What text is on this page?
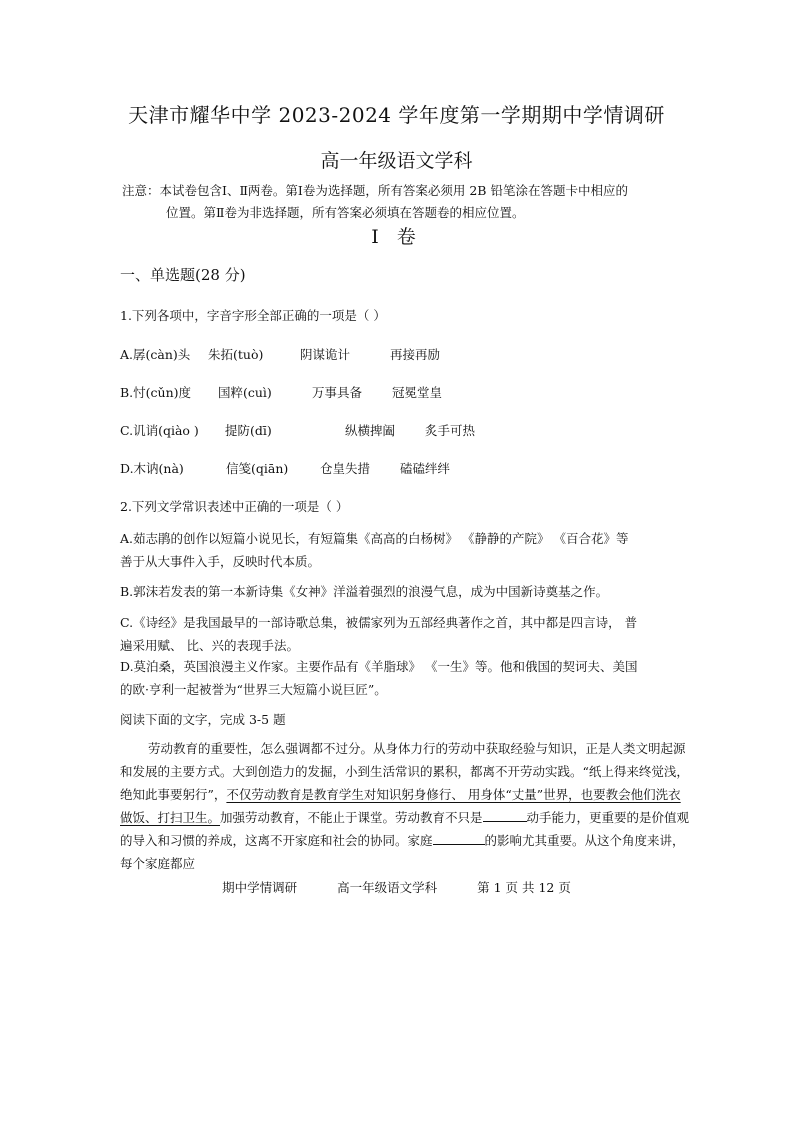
天津市耀华中学 2023-2024 学年度第一学期期中学情调研
高一年级语文学科
注意：本试卷包含Ⅰ、Ⅱ两卷。第Ⅰ卷为选择题，所有答案必须用 2B 铅笔涂在答题卡中相应的
位置。第Ⅱ卷为非选择题，所有答案必须填在答题卷的相应位置。
Ⅰ 卷
一、单选题(28 分)
1.下列各项中，字音字形全部正确的一项是（ ）
A.孱(càn)头 朱拓(tuò)	阴谋诡计	再接再励
B.忖(cǔn)度 国粹(cuì)	万事具备 冠冕堂皇
C.讥诮(qiào ) 提防(dī)	纵横捭阖 炙手可热
D.木讷(nà)	信笺(qiān)	仓皇失措 磕磕绊绊
2.下列文学常识表述中正确的一项是（ ）
A.茹志鹃的创作以短篇小说见长，有短篇集《高高的白杨树》 《静静的产院》 《百合花》等
善于从大事件入手，反映时代本质。
B.郭沫若发表的第一本新诗集《女神》洋溢着强烈的浪漫气息，成为中国新诗奠基之作。
C.《诗经》是我国最早的一部诗歌总集，被儒家列为五部经典著作之首，其中都是四言诗， 普
遍采用赋、 比、兴的表现手法。
D.莫泊桑，英国浪漫主义作家。主要作品有《羊脂球》 《一生》等。他和俄国的契诃夫、美国
的欧·亨利一起被誉为“世界三大短篇小说巨匠”。
阅读下面的文字，完成 3-5 题
劳动教育的重要性，怎么强调都不过分。从身体力行的劳动中获取经验与知识，正是人类文明起源和发展的主要方式。大到创造力的发掘，小到生活常识的累积，都离不开劳动实践。“纸上得来终觉浅，绝知此事要躬行”，不仅劳动教育是教育学生对知识躬身修行、 用身体“丈量”世界，也要教会他们洗衣做饭、打扫卫生。加强劳动教育，不能止于课堂。劳动教育不只是	动手能力，更重要的是价值观的导入和习惯的养成，这离不开家庭和社会的协同。家庭	的影响尤其重要。从这个角度来讲，每个家庭都应
期中学情调研	高一年级语文学科	第 1 页 共 12 页
